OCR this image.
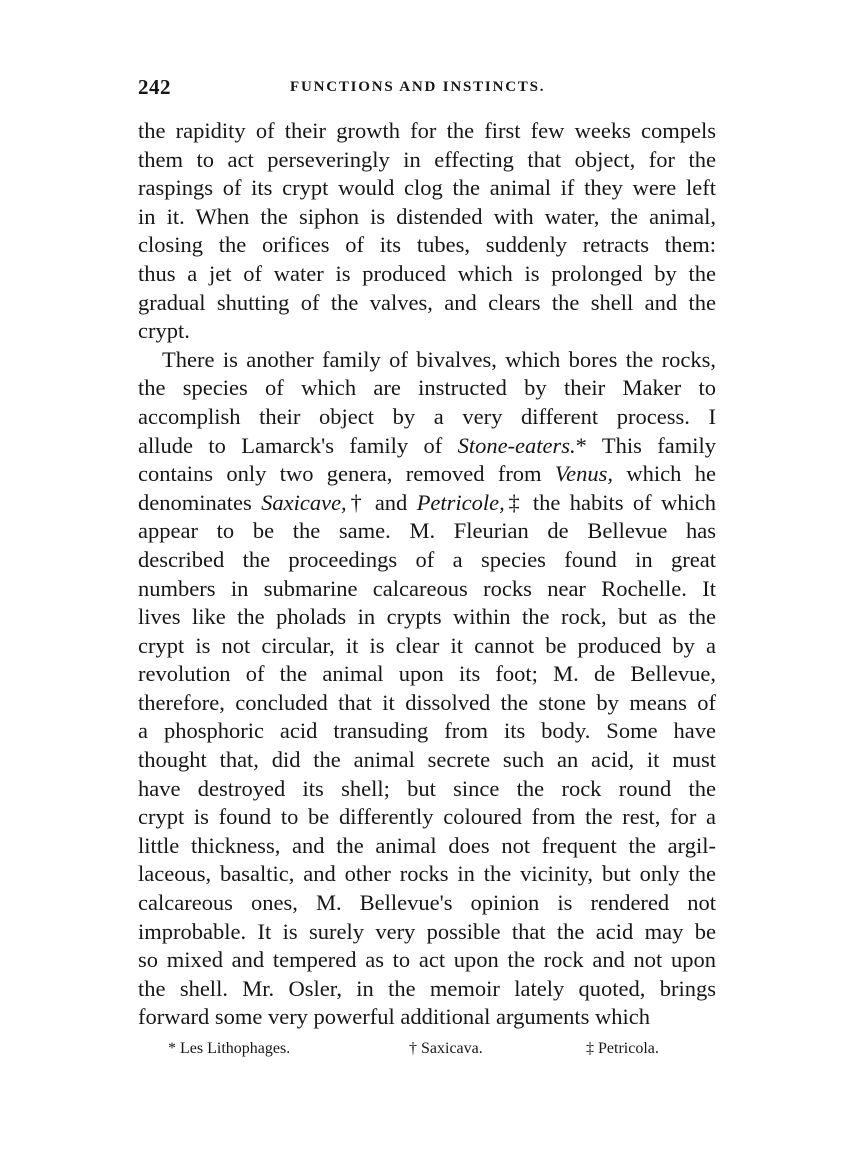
242	FUNCTIONS AND INSTINCTS.
the rapidity of their growth for the first few weeks compels
them to act perseveringly in effecting that object, for the
raspings of its crypt would clog the animal if they were left
in it. When the siphon is distended with water, the animal,
closing the orifices of its tubes, suddenly retracts them:
thus a jet of water is produced which is prolonged by the
gradual shutting of the valves, and clears the shell and the
crypt.
There is another family of bivalves, which bores the rocks,
the species of which are instructed by their Maker to
accomplish their object by a very different process. I
allude to Lamarck's family of Stone-eaters.* This family
contains only two genera, removed from Venus, which he
denominates Saxicave,† and Petricole,‡ the habits of which
appear to be the same. M. Fleurian de Bellevue has
described the proceedings of a species found in great
numbers in submarine calcareous rocks near Rochelle. It
lives like the pholads in crypts within the rock, but as the
crypt is not circular, it is clear it cannot be produced by a
revolution of the animal upon its foot; M. de Bellevue,
therefore, concluded that it dissolved the stone by means of
a phosphoric acid transuding from its body. Some have
thought that, did the animal secrete such an acid, it must
have destroyed its shell; but since the rock round the
crypt is found to be differently coloured from the rest, for a
little thickness, and the animal does not frequent the argil-
laceous, basaltic, and other rocks in the vicinity, but only the
calcareous ones, M. Bellevue's opinion is rendered not
improbable. It is surely very possible that the acid may be
so mixed and tempered as to act upon the rock and not upon
the shell. Mr. Osler, in the memoir lately quoted, brings
forward some very powerful additional arguments which
* Les Lithophages.	† Saxicava.	‡ Petricola.
